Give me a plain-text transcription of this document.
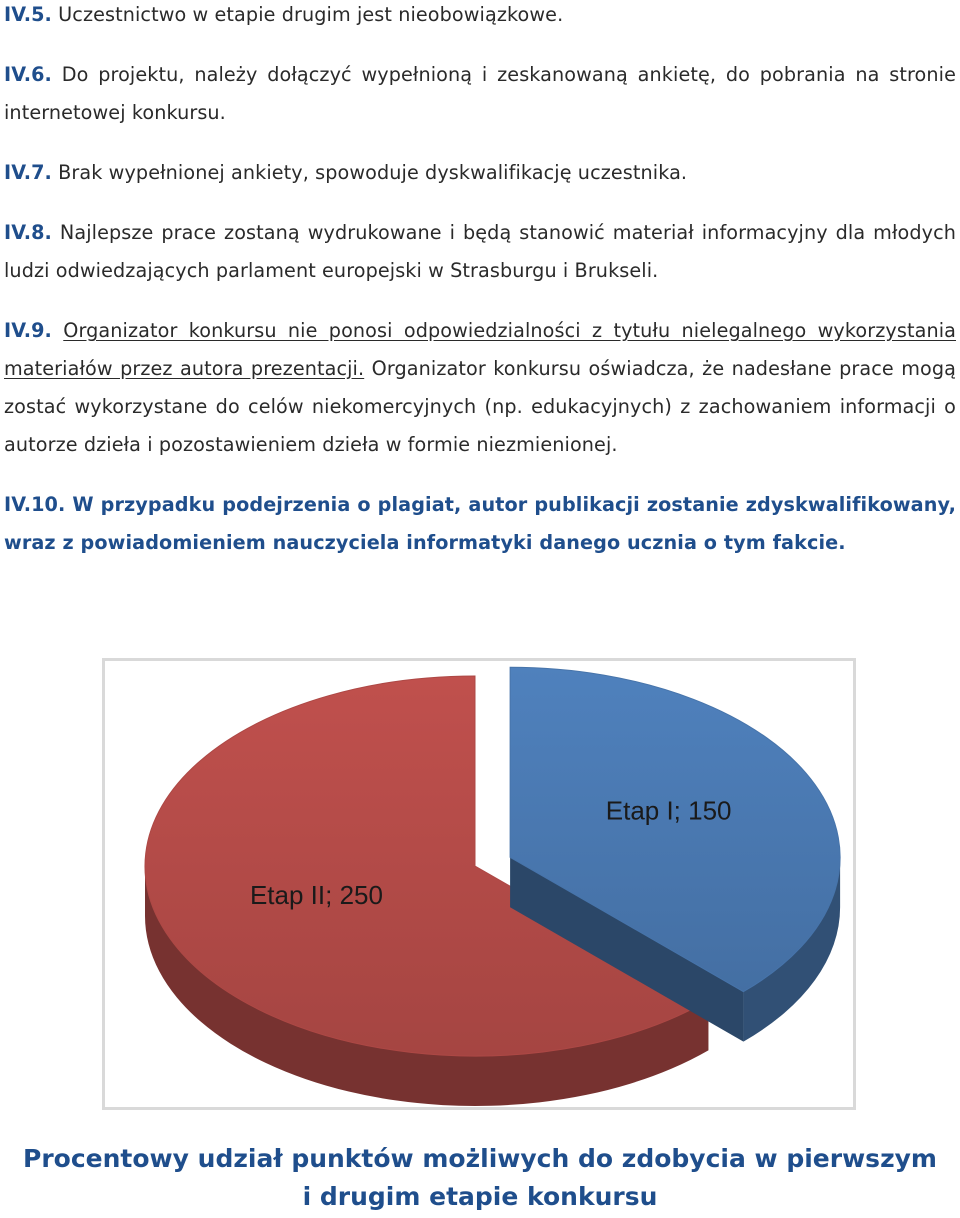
IV.5. Uczestnictwo w etapie drugim jest nieobowiązkowe.

IV.6. Do projektu, należy dołączyć wypełnioną i zeskanowaną ankietę, do pobrania na stronie internetowej konkursu.

IV.7. Brak wypełnionej ankiety, spowoduje dyskwalifikację uczestnika.

IV.8. Najlepsze prace zostaną wydrukowane i będą stanowić materiał informacyjny dla młodych ludzi odwiedzających parlament europejski w Strasburgu i Brukseli.

IV.9. Organizator konkursu nie ponosi odpowiedzialności z tytułu nielegalnego wykorzystania materiałów przez autora prezentacji. Organizator konkursu oświadcza, że nadesłane prace mogą zostać wykorzystane do celów niekomercyjnych (np. edukacyjnych) z zachowaniem informacji o autorze dzieła i pozostawieniem dzieła w formie niezmienionej.

IV.10. W przypadku podejrzenia o plagiat, autor publikacji zostanie zdyskwalifikowany, wraz z powiadomieniem nauczyciela informatyki danego ucznia o tym fakcie.

Etap II; 250
Etap I; 150
Procentowy udział punktów możliwych do zdobycia w pierwszym
i drugim etapie konkursu
